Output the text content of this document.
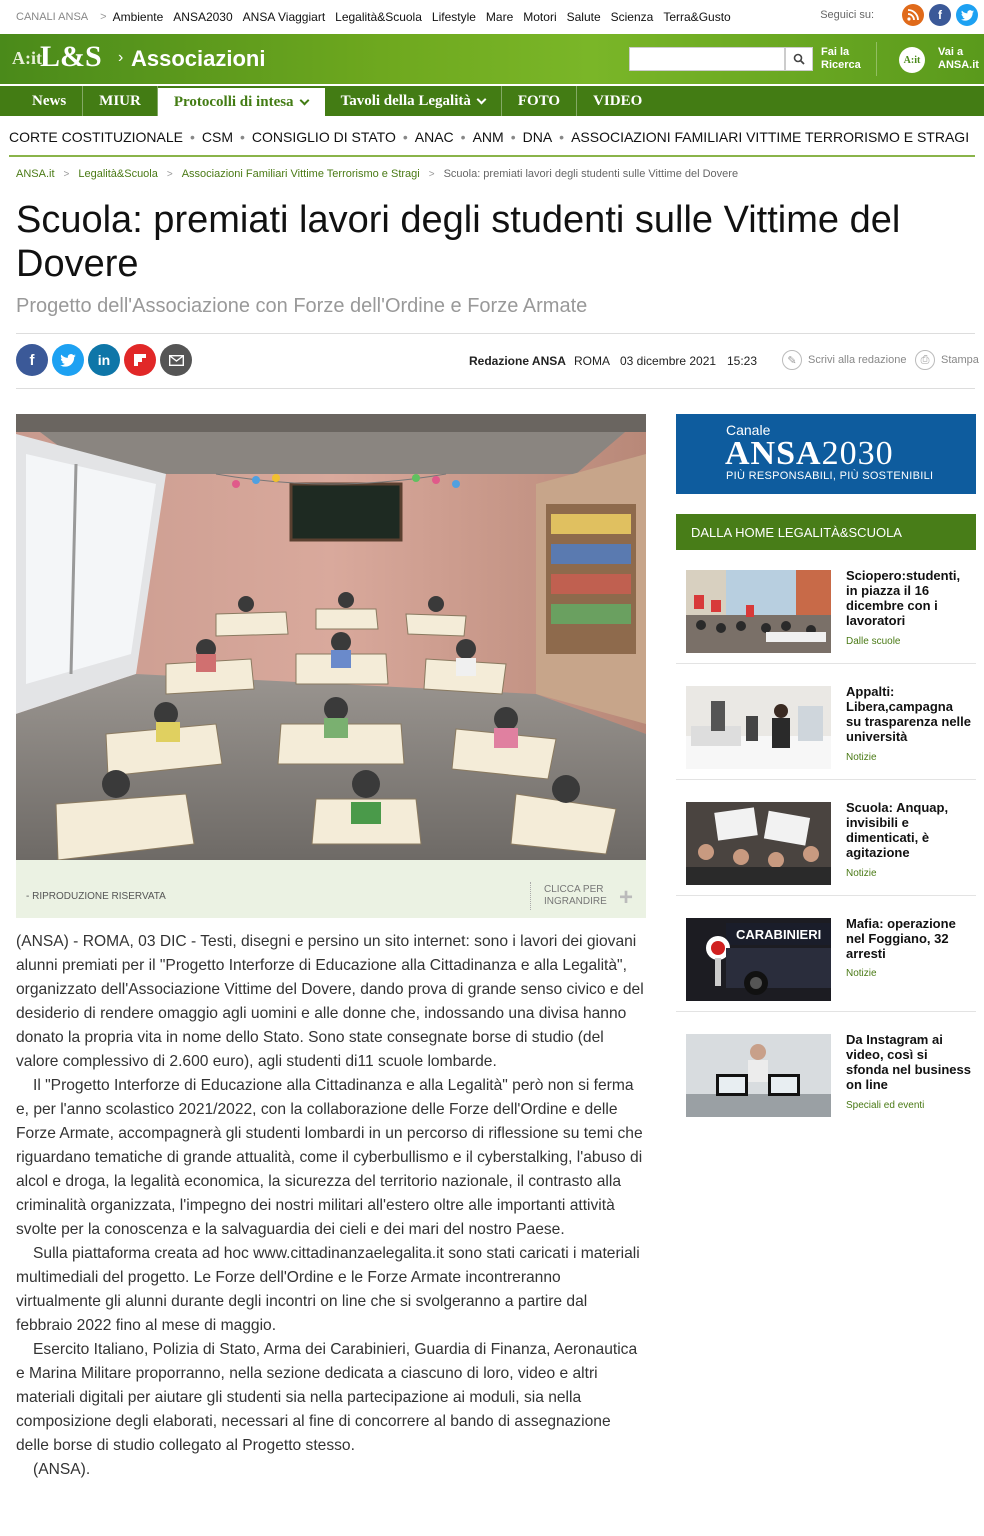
CANALI ANSA > Ambiente ANSA2030 ANSA Viaggiart Legalità&Scuola Lifestyle Mare Motori Salute Scienza Terra&Gusto	Seguici su:	f
A:it
L&S › Associazioni	Fai la Ricerca	A:it
Vai a ANSA.it
News MIUR Protocolli di intesa	Tavoli della Legalità	FOTO VIDEO
CORTE COSTITUZIONALE • CSM • CONSIGLIO DI STATO • ANAC • ANM • DNA • ASSOCIAZIONI FAMILIARI VITTIME TERRORISMO E STRAGI
ANSA.it > Legalità&Scuola > Associazioni Familiari Vittime Terrorismo e Stragi > Scuola: premiati lavori degli studenti sulle Vittime del Dovere
Scuola: premiati lavori degli studenti sulle Vittime del Dovere
Progetto dell'Associazione con Forze dell'Ordine e Forze Armate
f	in	Redazione ANSA ROMA 03 dicembre 2021 15:23	✎	Scrivi alla redazione	⎙	Stampa
- RIPRODUZIONE RISERVATA
CLICCA PER INGRANDIRE +

(ANSA) - ROMA, 03 DIC - Testi, disegni e persino un sito internet: sono i lavori dei giovani alunni premiati per il "Progetto Interforze di Educazione alla Cittadinanza e alla Legalità", organizzato dell'Associazione Vittime del Dovere, dando prova di grande senso civico e del desiderio di rendere omaggio agli uomini e alle donne che, indossando una divisa hanno donato la propria vita in nome dello Stato. Sono state consegnate borse di studio (del valore complessivo di 2.600 euro), agli studenti di11 scuole lombarde.

Il "Progetto Interforze di Educazione alla Cittadinanza e alla Legalità" però non si ferma e, per l'anno scolastico 2021/2022, con la collaborazione delle Forze dell'Ordine e delle Forze Armate, accompagnerà gli studenti lombardi in un percorso di riflessione su temi che riguardano tematiche di grande attualità, come il cyberbullismo e il cyberstalking, l'abuso di alcol e droga, la legalità economica, la sicurezza del territorio nazionale, il contrasto alla criminalità organizzata, l'impegno dei nostri militari all'estero oltre alle importanti attività svolte per la conoscenza e la salvaguardia dei cieli e dei mari del nostro Paese.

Sulla piattaforma creata ad hoc www.cittadinanzaelegalita.it sono stati caricati i materiali multimediali del progetto. Le Forze dell'Ordine e le Forze Armate incontreranno virtualmente gli alunni durante degli incontri on line che si svolgeranno a partire dal febbraio 2022 fino al mese di maggio.

Esercito Italiano, Polizia di Stato, Arma dei Carabinieri, Guardia di Finanza, Aeronautica e Marina Militare proporranno, nella sezione dedicata a ciascuno di loro, video e altri materiali digitali per aiutare gli studenti sia nella partecipazione ai moduli, sia nella composizione degli elaborati, necessari al fine di concorrere al bando di assegnazione delle borse di studio collegato al Progetto stesso.

(ANSA).

Canale
ANSA2030
PIÙ RESPONSABILI, PIÙ SOSTENIBILI
DALLA HOME LEGALITÀ&SCUOLA
Sciopero:studenti, in piazza il 16 dicembre con i lavoratori
Dalle scuole
Appalti: Libera,campagna su trasparenza nelle università
Notizie
Scuola: Anquap, invisibili e dimenticati, è agitazione
Notizie
CARABINIERI
Mafia: operazione nel Foggiano, 32 arresti
Notizie
Da Instagram ai video, così si sfonda nel business on line
Speciali ed eventi
